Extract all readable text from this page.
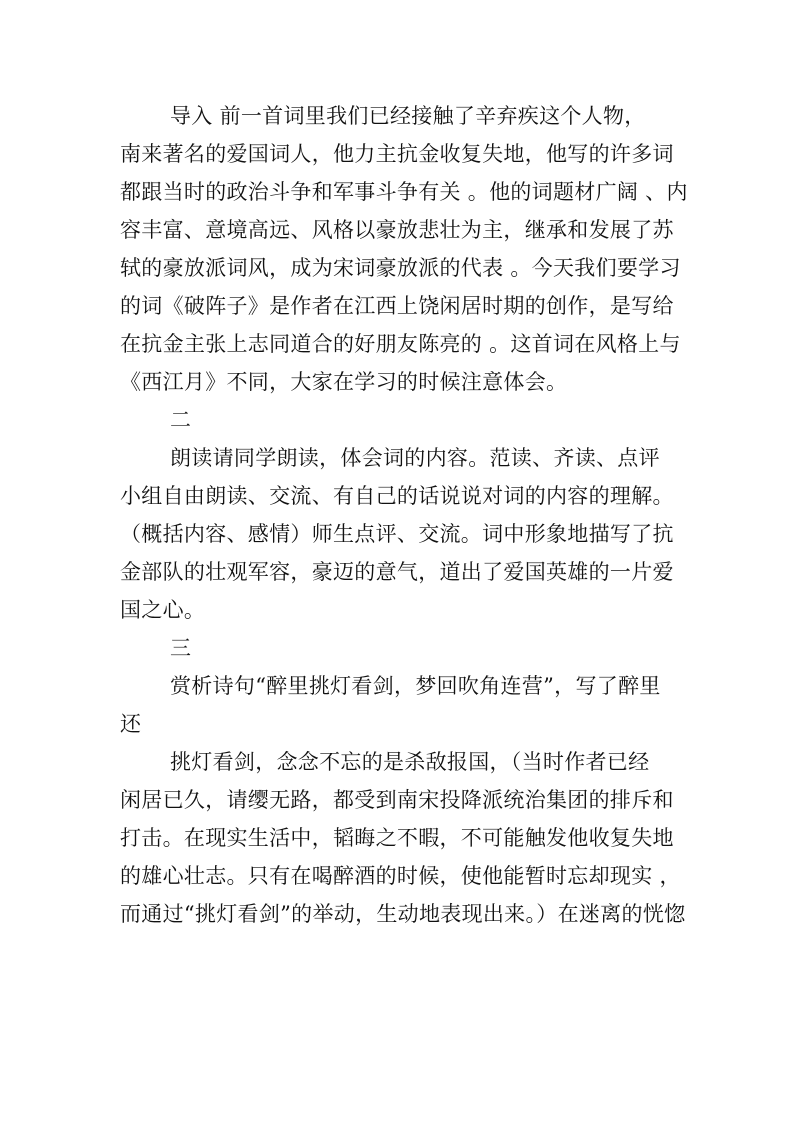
导入 前一首词里我们已经接触了辛弃疾这个人物，
南来著名的爱国词人，他力主抗金收复失地，他写的许多词
都跟当时的政治斗争和军事斗争有关 。他的词题材广阔 、内
容丰富、意境高远、风格以豪放悲壮为主，继承和发展了苏
轼的豪放派词风，成为宋词豪放派的代表 。今天我们要学习
的词《破阵子》是作者在江西上饶闲居时期的创作，是写给
在抗金主张上志同道合的好朋友陈亮的 。这首词在风格上与
《西江月》不同，大家在学习的时候注意体会。
二
朗读请同学朗读，体会词的内容。范读、齐读、点评
小组自由朗读、交流、有自己的话说说对词的内容的理解。
（概括内容、感情）师生点评、交流。词中形象地描写了抗
金部队的壮观军容，豪迈的意气，道出了爱国英雄的一片爱
国之心。
三
赏析诗句“醉里挑灯看剑，梦回吹角连营”，写了醉里
还
挑灯看剑，念念不忘的是杀敌报国，（当时作者已经
闲居已久，请缨无路，都受到南宋投降派统治集团的排斥和
打击。在现实生活中，韬晦之不暇，不可能触发他收复失地
的雄心壮志。只有在喝醉酒的时候，使他能暂时忘却现实 ，
而通过“挑灯看剑”的举动，生动地表现出来。）在迷离的恍惚
